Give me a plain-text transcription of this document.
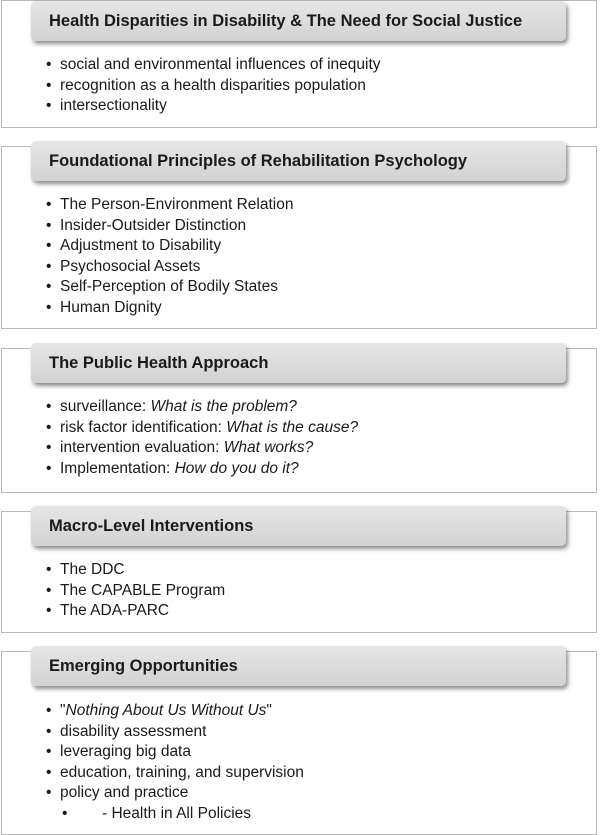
Health Disparities in Disability & The Need for Social Justice
• social and environmental influences of inequity
• recognition as a health disparities population
• intersectionality
Foundational Principles of Rehabilitation Psychology
• The Person-Environment Relation
• Insider-Outsider Distinction
• Adjustment to Disability
• Psychosocial Assets
• Self-Perception of Bodily States
• Human Dignity
The Public Health Approach
• surveillance: What is the problem?
• risk factor identification: What is the cause?
• intervention evaluation: What works?
• Implementation: How do you do it?
Macro-Level Interventions
• The DDC
• The CAPABLE Program
• The ADA-PARC
Emerging Opportunities
• "Nothing About Us Without Us"
• disability assessment
• leveraging big data
• education, training, and supervision
• policy and practice
• - Health in All Policies
